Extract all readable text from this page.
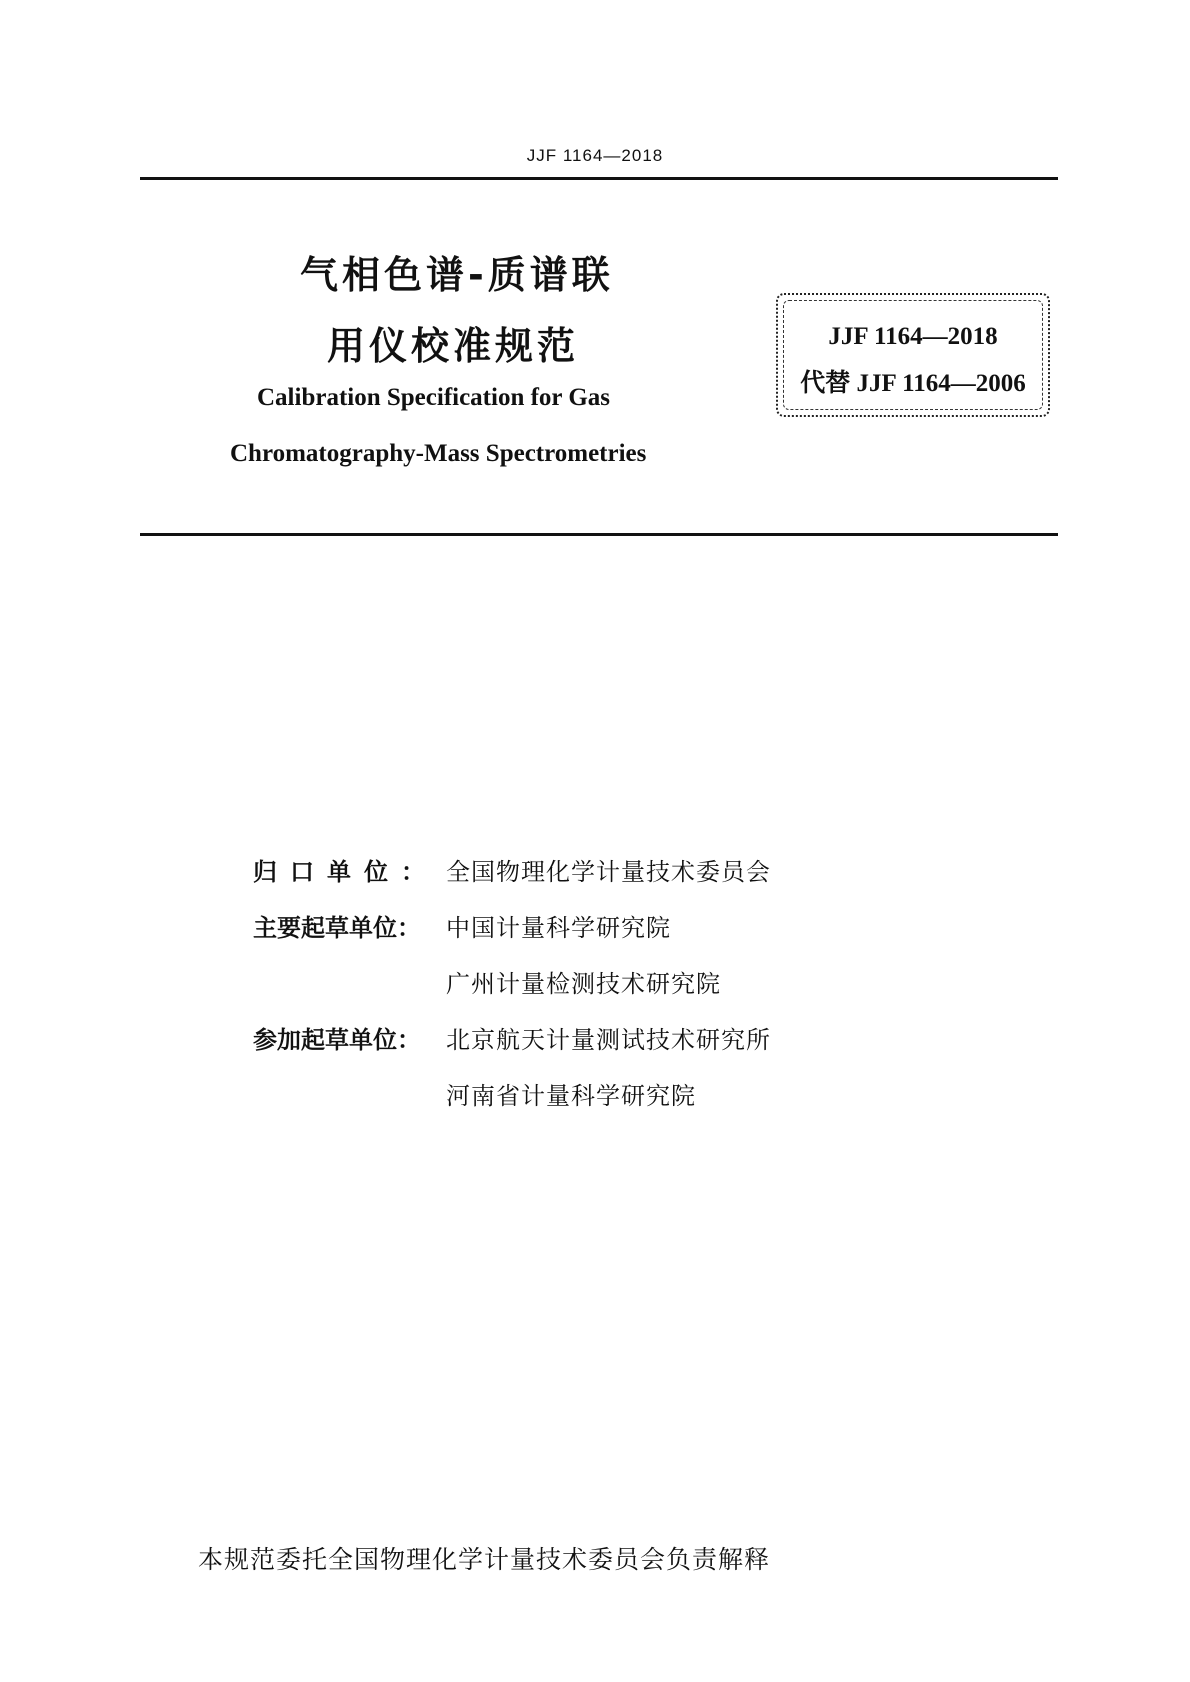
JJF 1164—2018
气相色谱-质谱联
用仪校准规范
Calibration Specification for Gas
Chromatography-Mass Spectrometries
JJF 1164—2018
代替 JJF 1164—2006
归口单位： 全国物理化学计量技术委员会
主要起草单位： 中国计量科学研究院
广州计量检测技术研究院
参加起草单位： 北京航天计量测试技术研究所
河南省计量科学研究院
本规范委托全国物理化学计量技术委员会负责解释
